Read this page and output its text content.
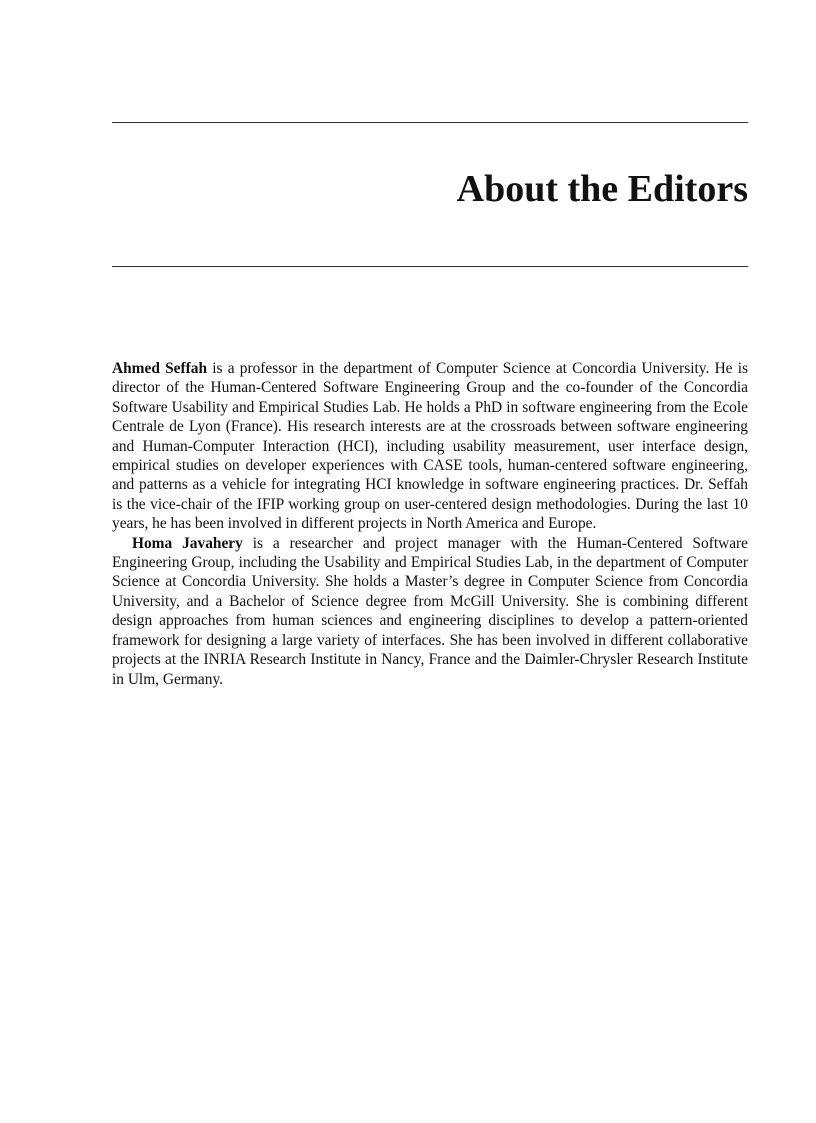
About the Editors

Ahmed Seffah is a professor in the department of Computer Science at Concordia University. He is director of the Human-Centered Software Engineering Group and the co-founder of the Concordia Software Usability and Empirical Studies Lab. He holds a PhD in software engineering from the Ecole Centrale de Lyon (France). His research interests are at the crossroads between software engineering and Human-Computer Interaction (HCI), including usability measurement, user interface design, empirical studies on developer experiences with CASE tools, human-centered software engineering, and patterns as a vehicle for integrating HCI knowledge in software engineering practices. Dr. Seffah is the vice-chair of the IFIP working group on user-centered design methodologies. During the last 10 years, he has been involved in different projects in North America and Europe.

Homa Javahery is a researcher and project manager with the Human-Centered Software Engineering Group, including the Usability and Empirical Studies Lab, in the department of Computer Science at Concordia University. She holds a Master’s degree in Computer Science from Concordia University, and a Bachelor of Science degree from McGill University. She is combining different design approaches from human sciences and engineering disciplines to develop a pattern-oriented framework for designing a large variety of interfaces. She has been involved in different collaborative projects at the INRIA Research Institute in Nancy, France and the Daimler-Chrysler Research Institute in Ulm, Germany.
